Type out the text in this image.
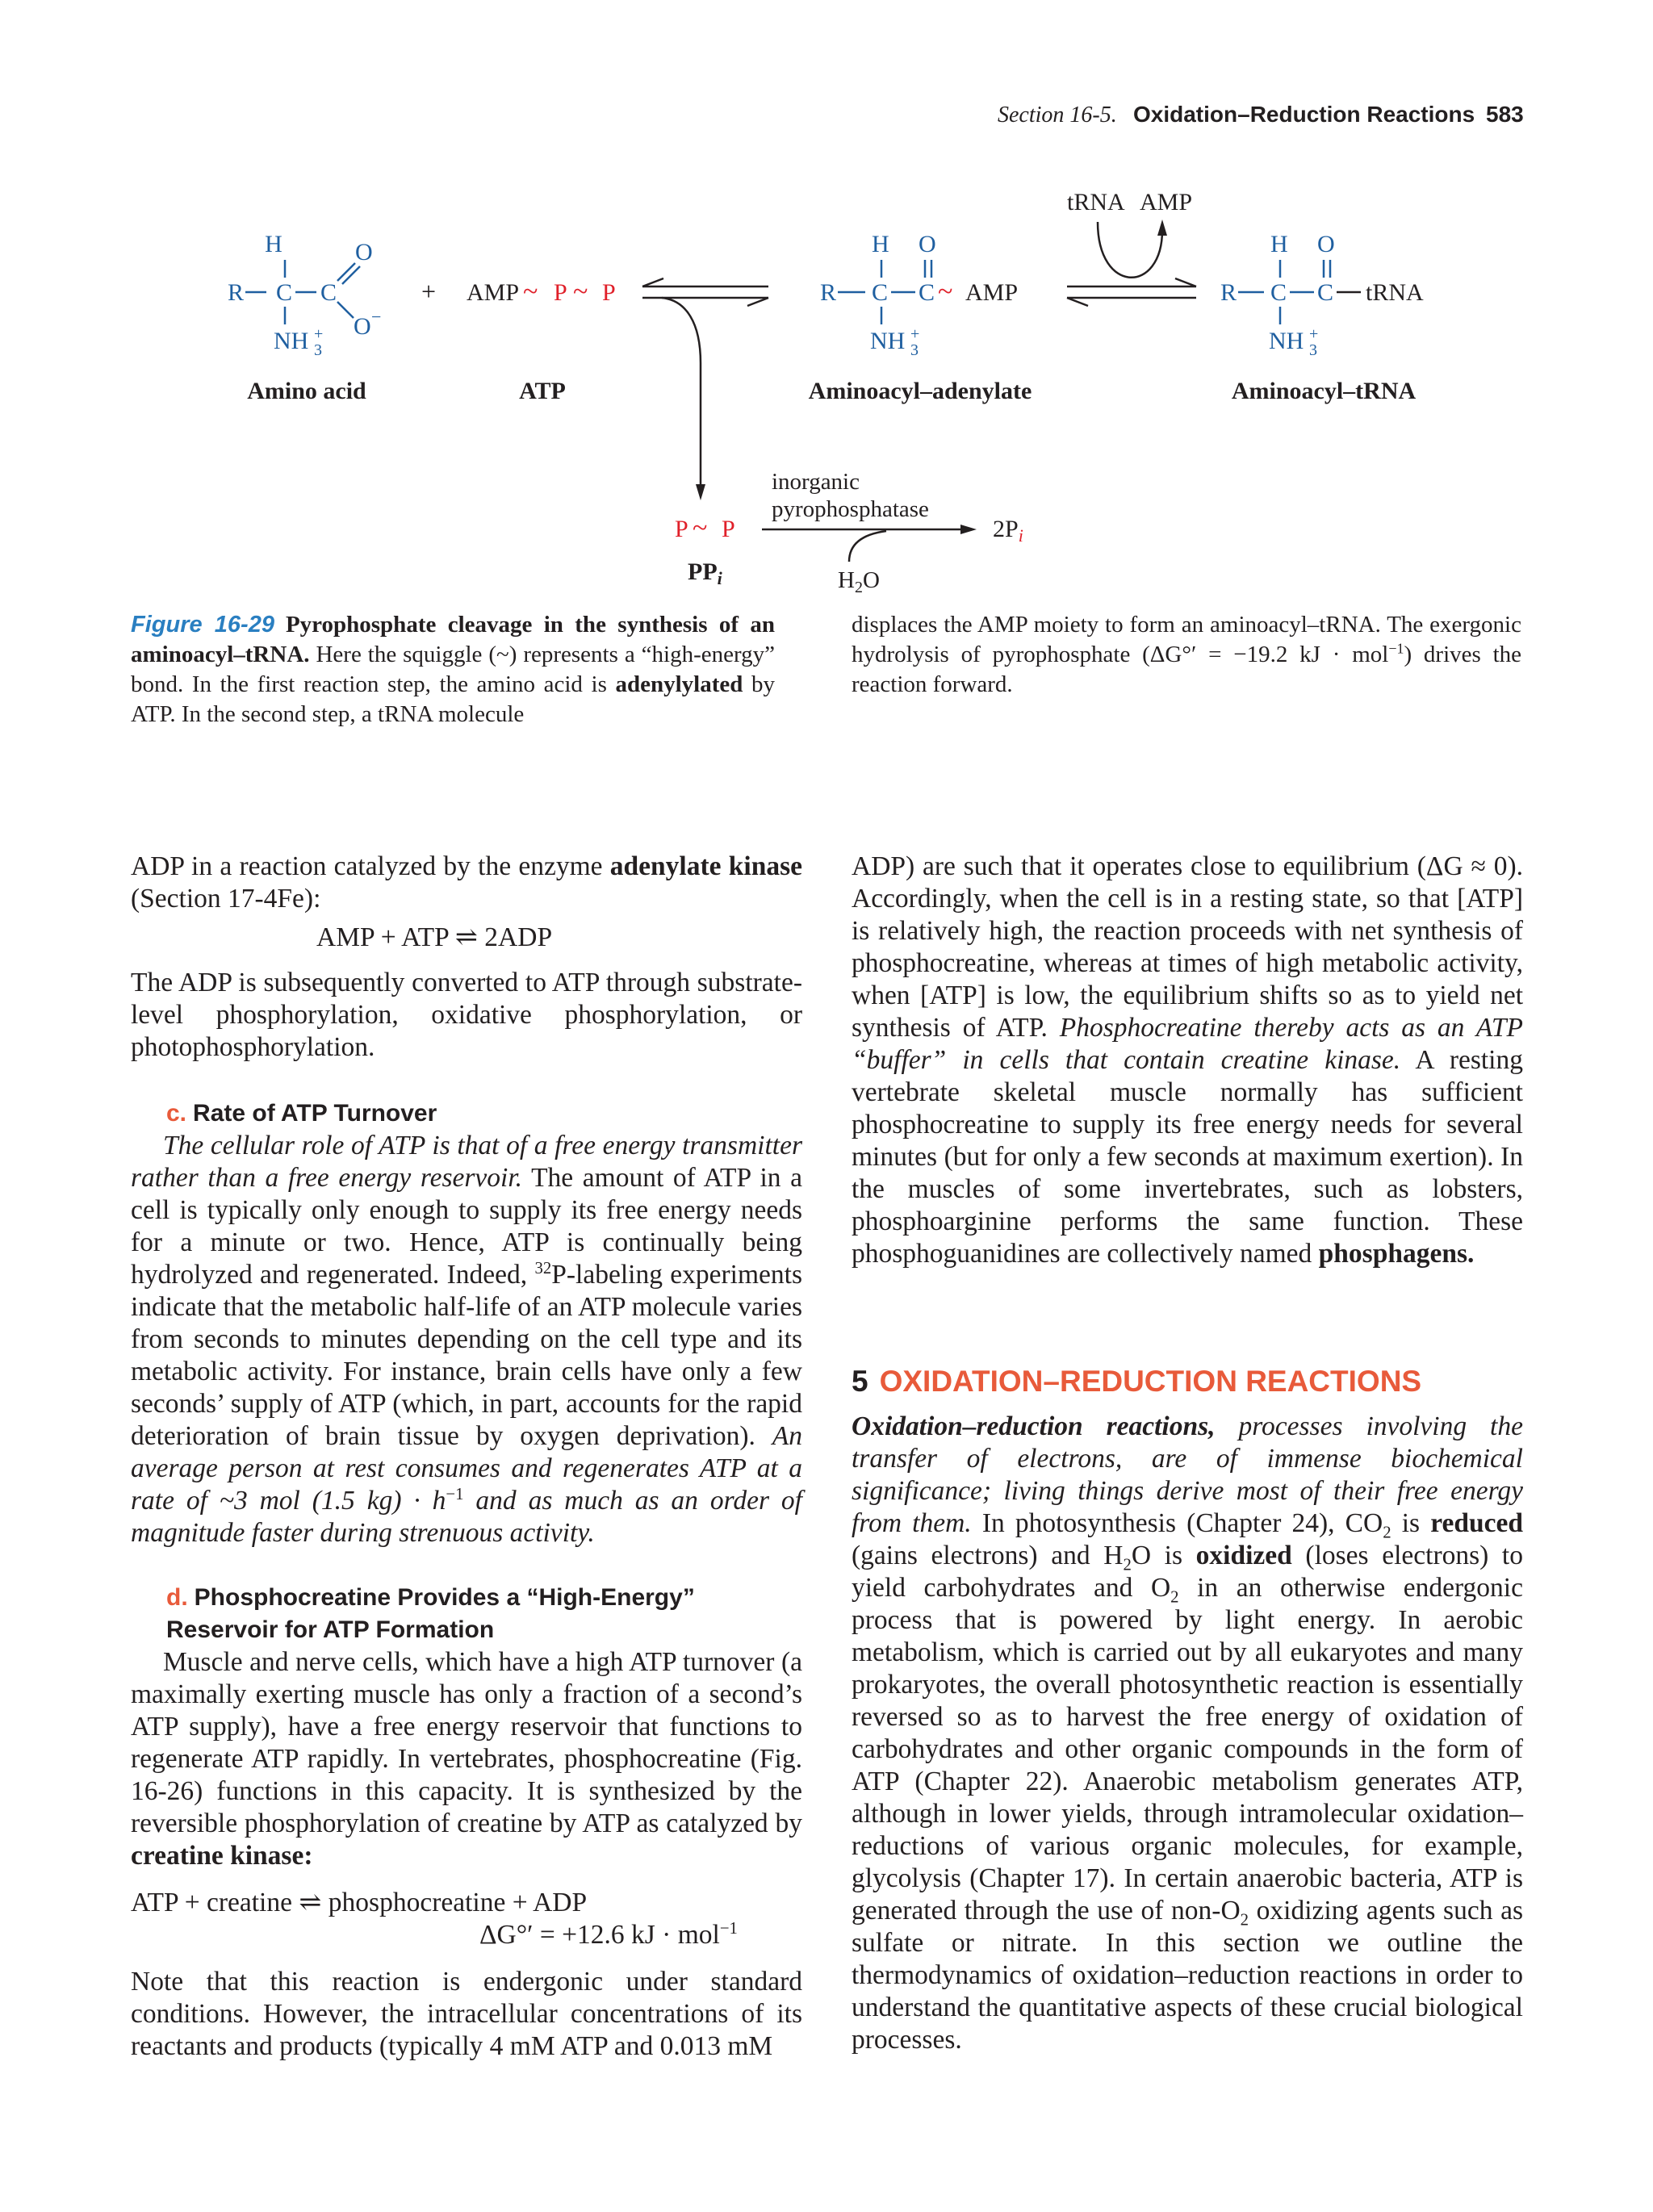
Section 16-5. Oxidation–Reduction Reactions 583
H
R C C
O
O −
NH +
3
Amino acid
+ AMP ~ P ~ P
ATP
H O
R C C ~ AMP
NH +
3
Aminoacyl–adenylate
tRNA AMP
H O
R C C tRNA
NH +
3
Aminoacyl–tRNA
P ~ P
$PP_i$
inorganic
pyrophosphatase
$H_2O$
$2P_i$

Figure 16-29 Pyrophosphate cleavage in the synthesis of an aminoacyl–tRNA. Here the squiggle (~) represents a “high-energy” bond. In the first reaction step, the amino acid is adenylylated by ATP. In the second step, a tRNA molecule

displaces the AMP moiety to form an aminoacyl–tRNA. The exergonic hydrolysis of pyrophosphate (ΔG°′ = −19.2 kJ · mol$^{-1}$) drives the reaction forward.

ADP in a reaction catalyzed by the enzyme adenylate kinase (Section 17-4Fe):

AMP + ATP ⇌ 2ADP

The ADP is subsequently converted to ATP through substrate-level phosphorylation, oxidative phosphorylation, or photophosphorylation.

c. Rate of ATP Turnover

The cellular role of ATP is that of a free energy transmitter rather than a free energy reservoir. The amount of ATP in a cell is typically only enough to supply its free energy needs for a minute or two. Hence, ATP is continually being hydrolyzed and regenerated. Indeed, $^{32}$P-labeling experiments indicate that the metabolic half-life of an ATP molecule varies from seconds to minutes depending on the cell type and its metabolic activity. For instance, brain cells have only a few seconds’ supply of ATP (which, in part, accounts for the rapid deterioration of brain tissue by oxygen deprivation). An average person at rest consumes and regenerates ATP at a rate of ~3 mol (1.5 $kg) \cdot h^{-1}$ and as much as an order of magnitude faster during strenuous activity.

d. Phosphocreatine Provides a “High-Energy” Reservoir for ATP Formation

Muscle and nerve cells, which have a high ATP turnover (a maximally exerting muscle has only a fraction of a second’s ATP supply), have a free energy reservoir that functions to regenerate ATP rapidly. In vertebrates, phosphocreatine (Fig. 16-26) functions in this capacity. It is synthesized by the reversible phosphorylation of creatine by ATP as catalyzed by creatine kinase:

ATP + creatine ⇌ phosphocreatine + ADP

ΔG°′ = +12.6 kJ · mol$^{-1}$

Note that this reaction is endergonic under standard conditions. However, the intracellular concentrations of its reactants and products (typically 4 mM ATP and 0.013 mM

ADP) are such that it operates close to equilibrium (ΔG ≈ 0). Accordingly, when the cell is in a resting state, so that [ATP] is relatively high, the reaction proceeds with net synthesis of phosphocreatine, whereas at times of high metabolic activity, when [ATP] is low, the equilibrium shifts so as to yield net synthesis of ATP. Phosphocreatine thereby acts as an ATP “buffer” in cells that contain creatine kinase. A resting vertebrate skeletal muscle normally has sufficient phosphocreatine to supply its free energy needs for several minutes (but for only a few seconds at maximum exertion). In the muscles of some invertebrates, such as lobsters, phosphoarginine performs the same function. These phosphoguanidines are collectively named phosphagens.

5 OXIDATION–REDUCTION REACTIONS

Oxidation–reduction reactions, processes involving the transfer of electrons, are of immense biochemical significance; living things derive most of their free energy from them. In photosynthesis (Chapter 24), $CO_2$ is reduced (gains electrons) and $H_2O$ is oxidized (loses electrons) to yield carbohydrates and $O_2$ in an otherwise endergonic process that is powered by light energy. In aerobic metabolism, which is carried out by all eukaryotes and many prokaryotes, the overall photosynthetic reaction is essentially reversed so as to harvest the free energy of oxidation of carbohydrates and other organic compounds in the form of ATP (Chapter 22). Anaerobic metabolism generates ATP, although in lower yields, through intramolecular oxidation–reductions of various organic molecules, for example, glycolysis (Chapter 17). In certain anaerobic bacteria, ATP is generated through the use of non-$O_2$ oxidizing agents such as sulfate or nitrate. In this section we outline the thermodynamics of oxidation–reduction reactions in order to understand the quantitative aspects of these crucial biological processes.
